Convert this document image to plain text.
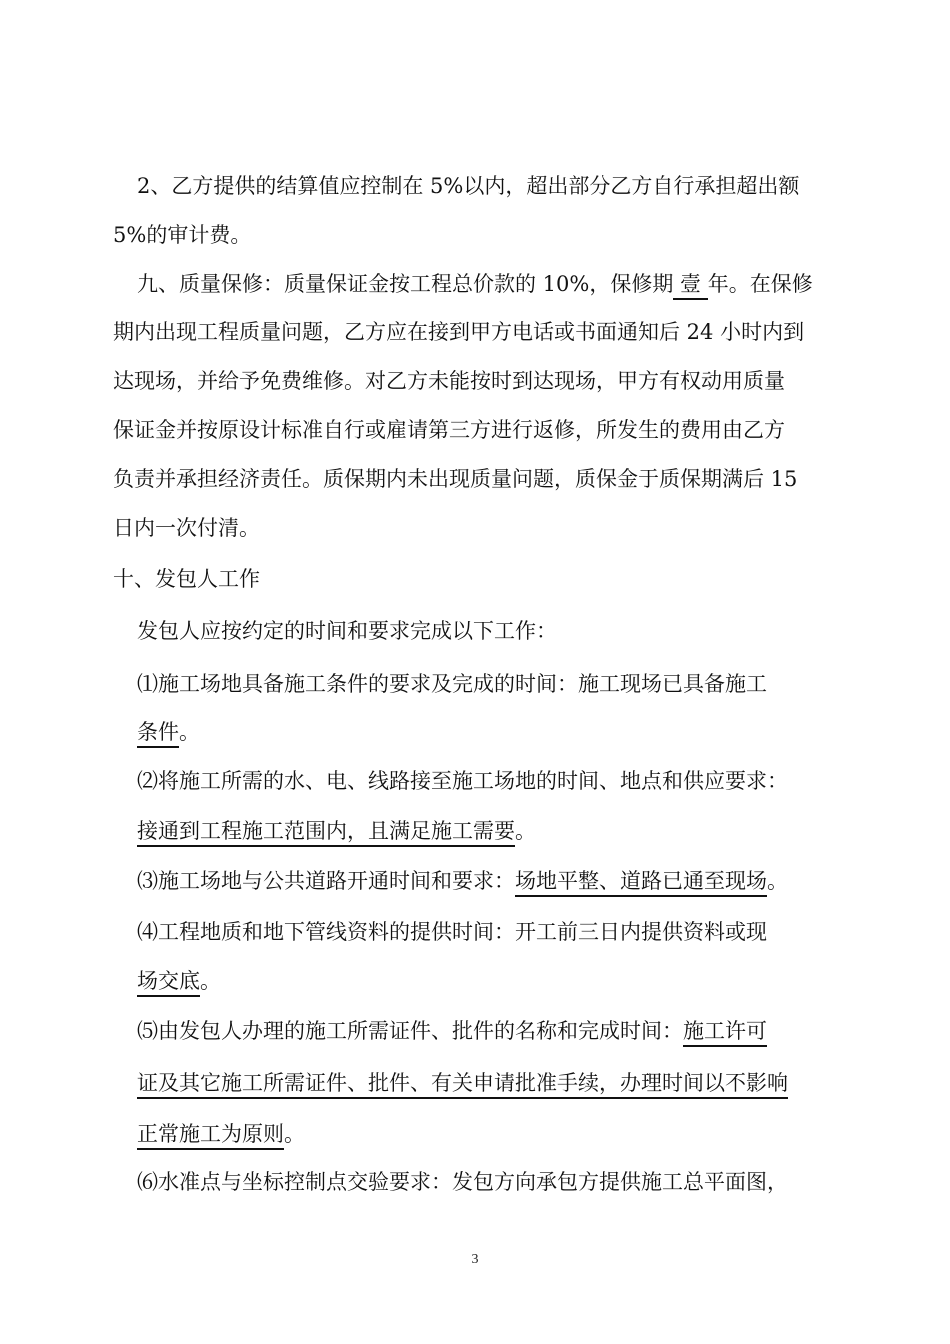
2、乙方提供的结算值应控制在 5%以内，超出部分乙方自行承担超出额
5%的审计费。
九、质量保修：质量保证金按工程总价款的 10%，保修期 壹 年。在保修
期内出现工程质量问题，乙方应在接到甲方电话或书面通知后 24 小时内到
达现场，并给予免费维修。对乙方未能按时到达现场，甲方有权动用质量
保证金并按原设计标准自行或雇请第三方进行返修，所发生的费用由乙方
负责并承担经济责任。质保期内未出现质量问题，质保金于质保期满后 15
日内一次付清。
十、发包人工作
发包人应按约定的时间和要求完成以下工作：
⑴施工场地具备施工条件的要求及完成的时间：施工现场已具备施工
条件。
⑵将施工所需的水、电、线路接至施工场地的时间、地点和供应要求：
接通到工程施工范围内，且满足施工需要。
⑶施工场地与公共道路开通时间和要求：场地平整、道路已通至现场。
⑷工程地质和地下管线资料的提供时间：开工前三日内提供资料或现
场交底。
⑸由发包人办理的施工所需证件、批件的名称和完成时间：施工许可
证及其它施工所需证件、批件、有关申请批准手续，办理时间以不影响
正常施工为原则。
⑹水准点与坐标控制点交验要求：发包方向承包方提供施工总平面图，
3
